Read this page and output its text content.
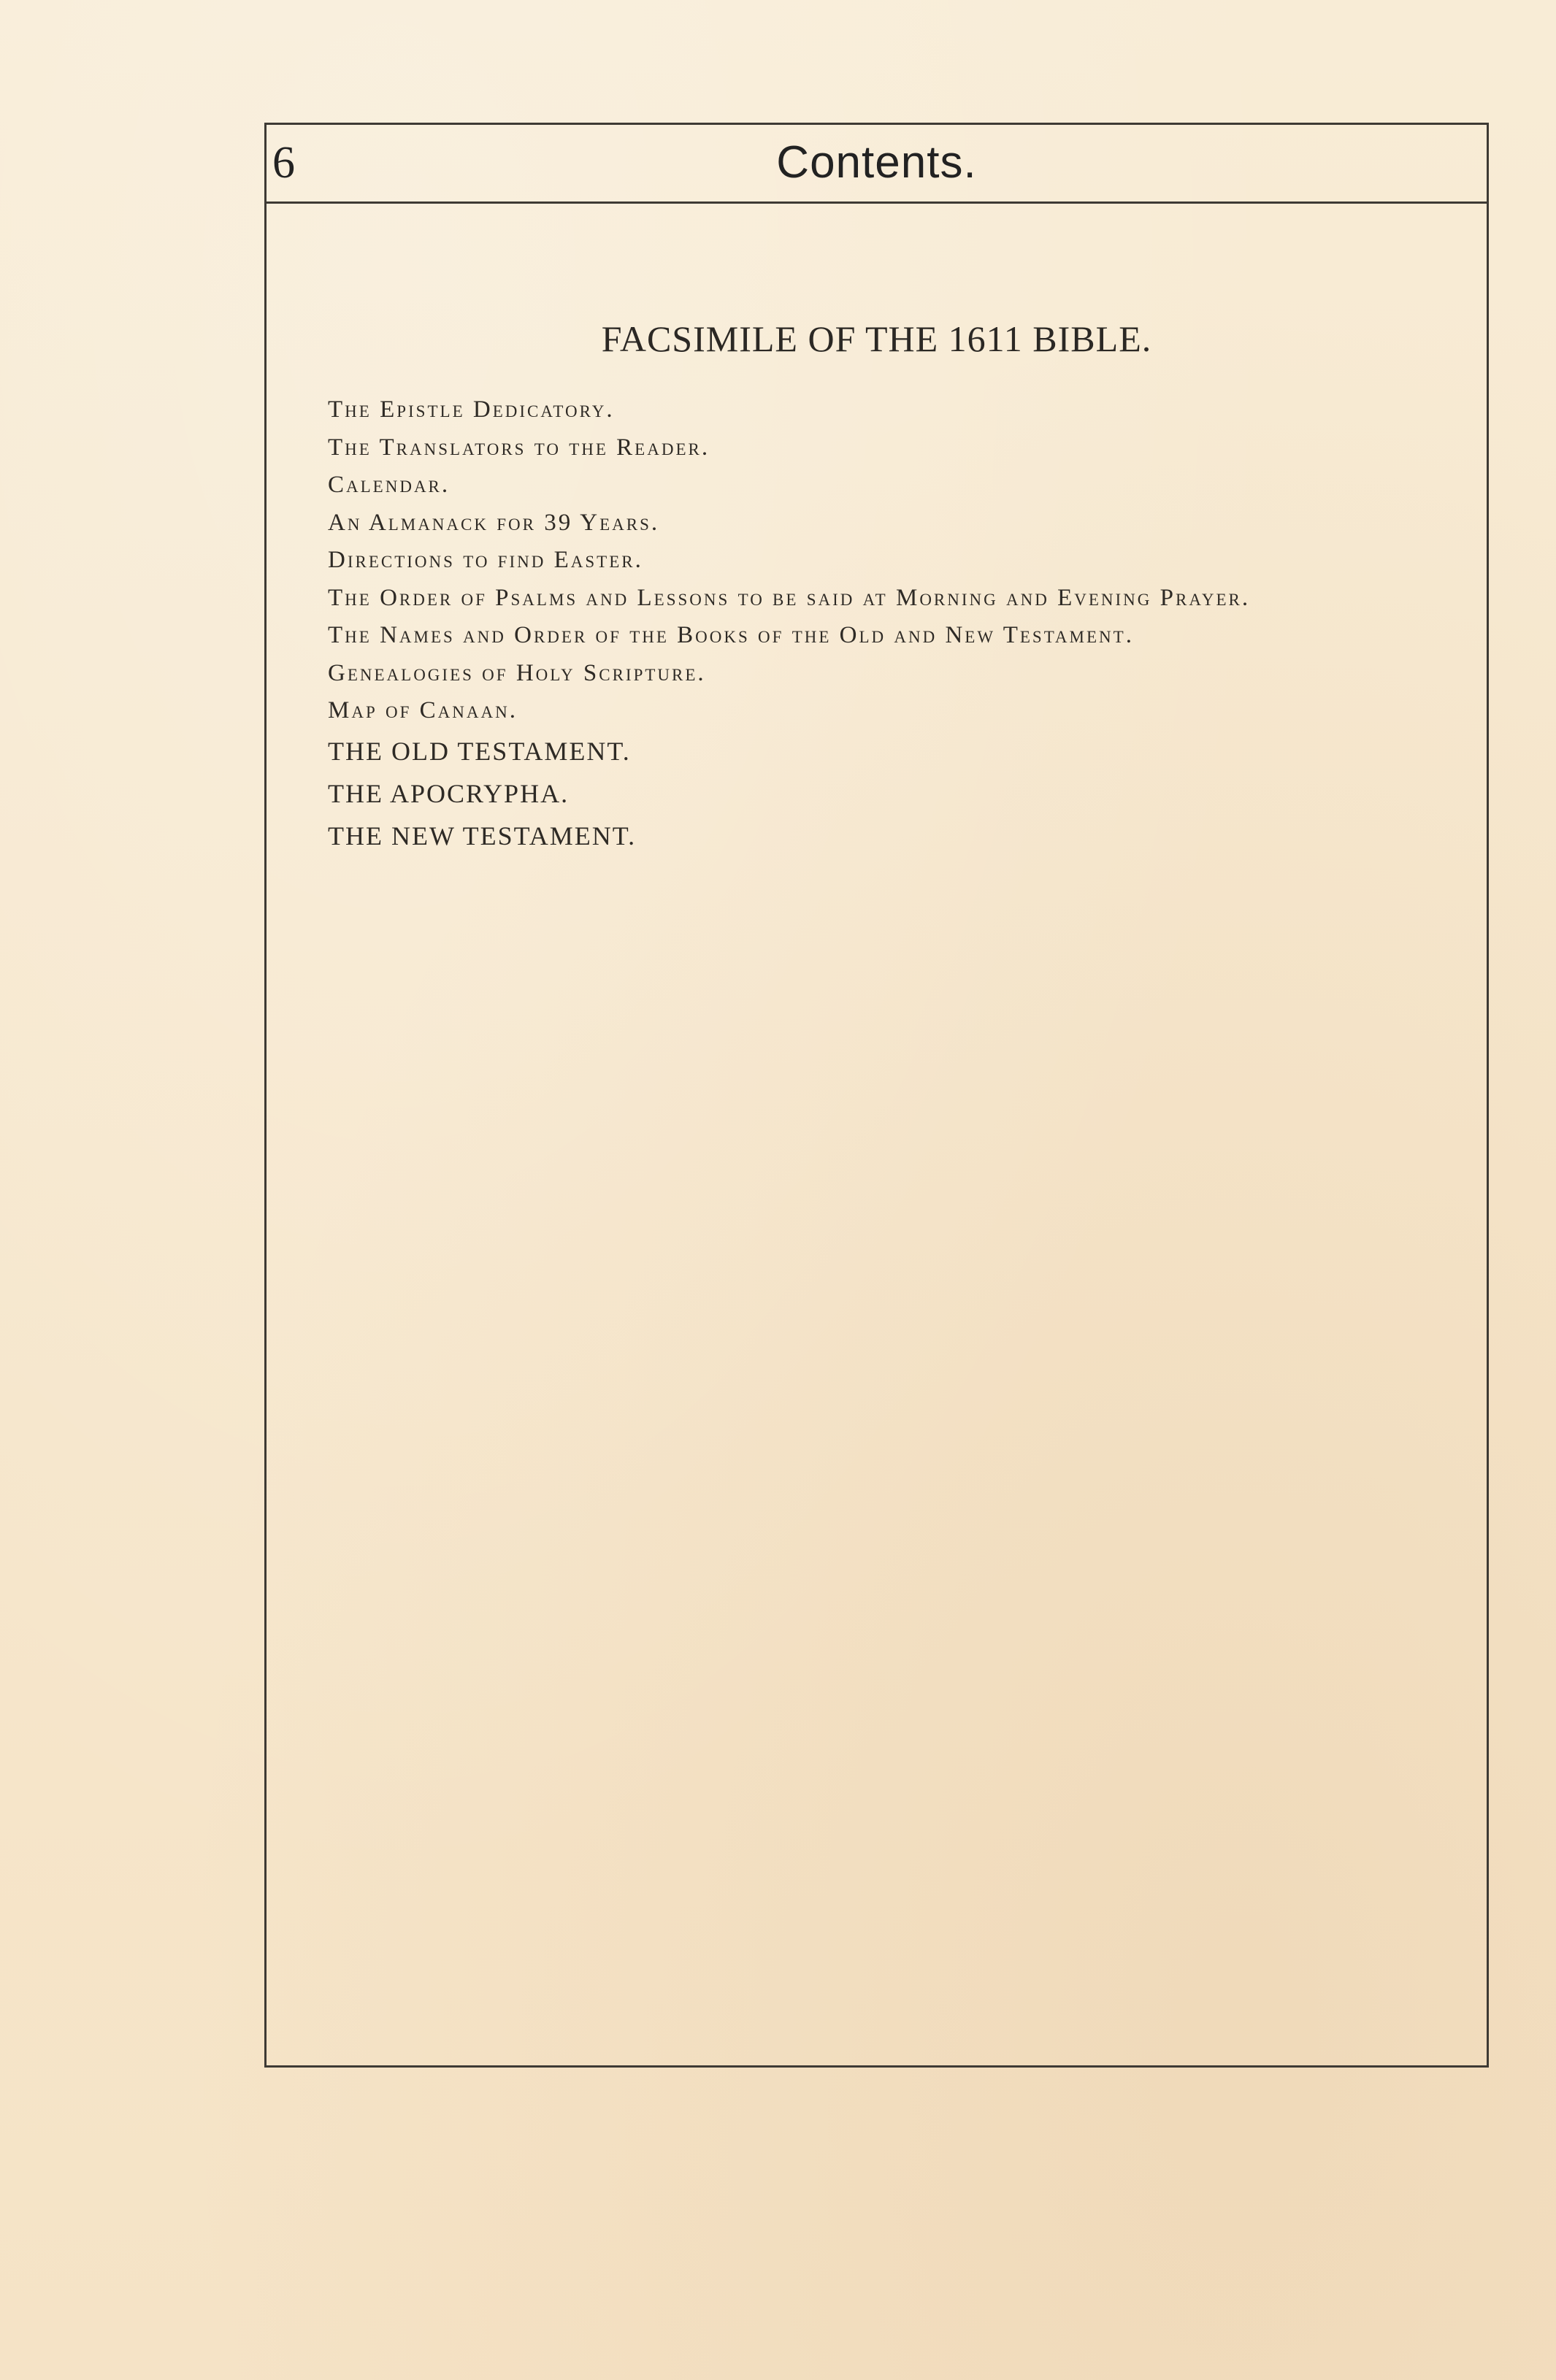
6	Contents.
FACSIMILE OF THE 1611 BIBLE.
The Epistle Dedicatory.
The Translators to the Reader.
Calendar.
An Almanack for 39 Years.
Directions to find Easter.
The Order of Psalms and Lessons to be said at Morning and Evening Prayer.
The Names and Order of the Books of the Old and New Testament.
Genealogies of Holy Scripture.
Map of Canaan.
THE OLD TESTAMENT.
THE APOCRYPHA.
THE NEW TESTAMENT.
